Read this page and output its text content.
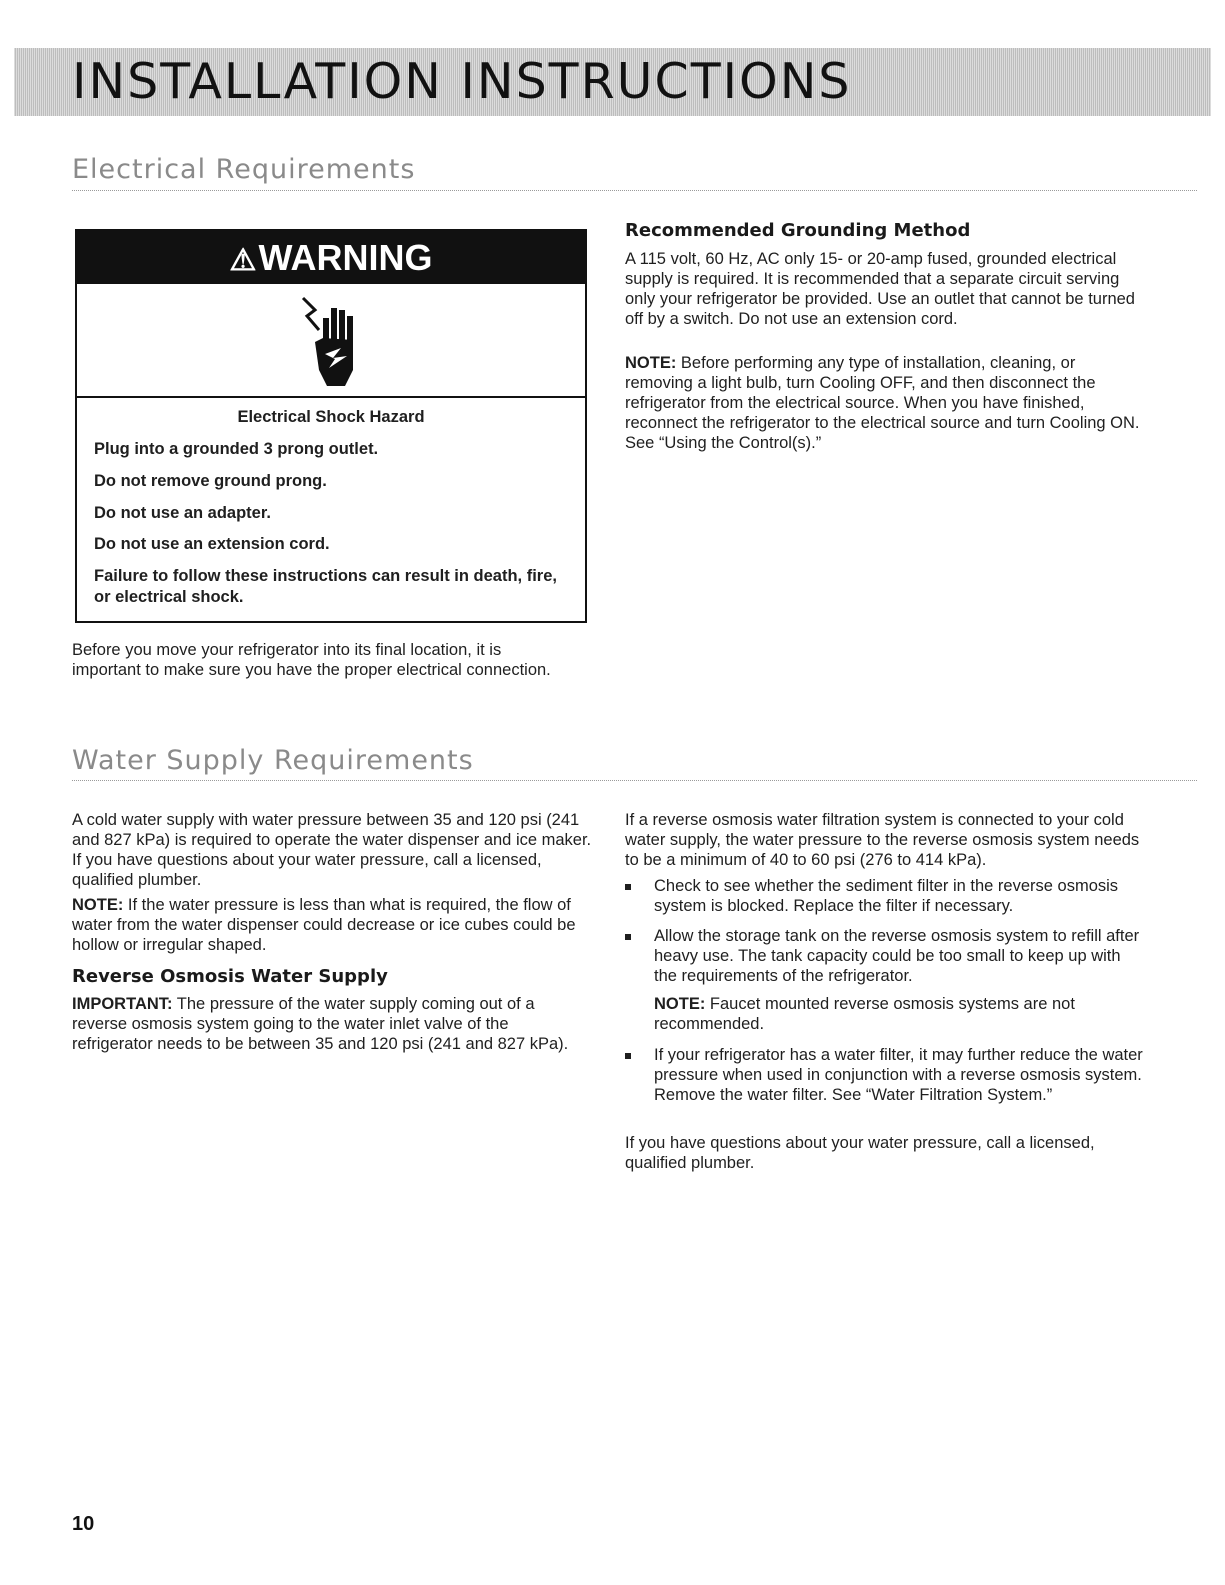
INSTALLATION INSTRUCTIONS
Electrical Requirements

⚠WARNING

Electrical Shock Hazard

Plug into a grounded 3 prong outlet.

Do not remove ground prong.

Do not use an adapter.

Do not use an extension cord.

Failure to follow these instructions can result in death, fire, or electrical shock.

Before you move your refrigerator into its final location, it is important to make sure you have the proper electrical connection.

Recommended Grounding Method

A 115 volt, 60 Hz, AC only 15- or 20-amp fused, grounded electrical supply is required. It is recommended that a separate circuit serving only your refrigerator be provided. Use an outlet that cannot be turned off by a switch. Do not use an extension cord.

NOTE: Before performing any type of installation, cleaning, or removing a light bulb, turn Cooling OFF, and then disconnect the refrigerator from the electrical source. When you have finished, reconnect the refrigerator to the electrical source and turn Cooling ON. See “Using the Control(s).”

Water Supply Requirements

A cold water supply with water pressure between 35 and 120 psi (241 and 827 kPa) is required to operate the water dispenser and ice maker. If you have questions about your water pressure, call a licensed, qualified plumber.

NOTE: If the water pressure is less than what is required, the flow of water from the water dispenser could decrease or ice cubes could be hollow or irregular shaped.

Reverse Osmosis Water Supply

IMPORTANT: The pressure of the water supply coming out of a reverse osmosis system going to the water inlet valve of the refrigerator needs to be between 35 and 120 psi (241 and 827 kPa).

If a reverse osmosis water filtration system is connected to your cold water supply, the water pressure to the reverse osmosis system needs to be a minimum of 40 to 60 psi (276 to 414 kPa).

Check to see whether the sediment filter in the reverse osmosis system is blocked. Replace the filter if necessary.

Allow the storage tank on the reverse osmosis system to refill after heavy use. The tank capacity could be too small to keep up with the requirements of the refrigerator.

NOTE: Faucet mounted reverse osmosis systems are not recommended.

If your refrigerator has a water filter, it may further reduce the water pressure when used in conjunction with a reverse osmosis system. Remove the water filter. See “Water Filtration System.”

If you have questions about your water pressure, call a licensed, qualified plumber.

10
